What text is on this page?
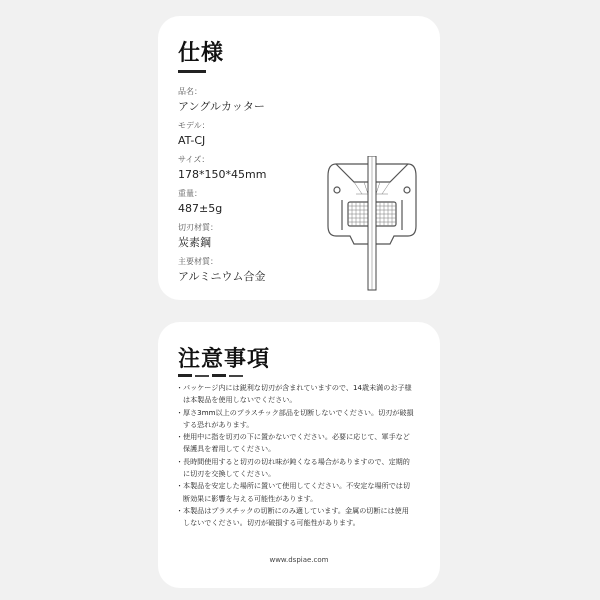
仕様
品名：
アングルカッター
モデル：
AT-CJ
サイズ：
178*150*45mm
重量：
487±5g
切刃材質：
炭素鋼
主要材質：
アルミニウム合金
注意事項
・ パッケージ内には鋭利な切刃が含まれていますので、14歳未満のお子様
は本製品を使用しないでください。
・ 厚さ3mm以上のプラスチック部品を切断しないでください。切刃が破損
する恐れがあります。
・ 使用中に指を切刃の下に置かないでください。必要に応じて、軍手など
保護具を着用してください。
・ 長時間使用すると切刃の切れ味が鈍くなる場合がありますので、定期的
に切刃を交換してください。
・ 本製品を安定した場所に置いて使用してください。不安定な場所では切
断効果に影響を与える可能性があります。
・ 本製品はプラスチックの切断にのみ適しています。金属の切断には使用
しないでください。切刃が破損する可能性があります。
www.dspiae.com
